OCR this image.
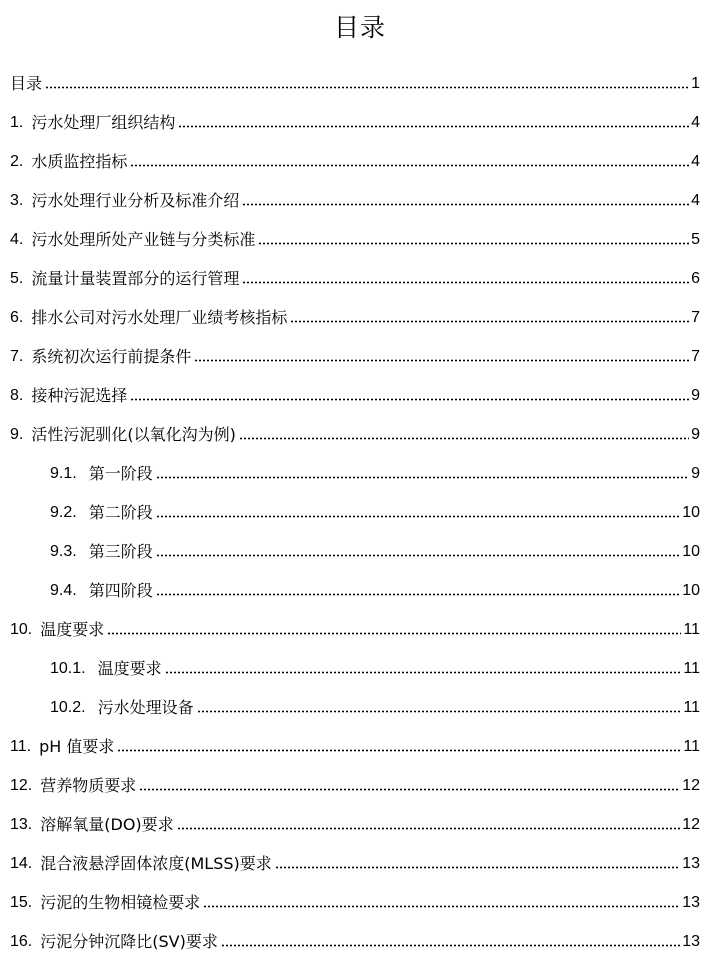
目录
目录	1
1. 污水处理厂组织结构	4
2. 水质监控指标	4
3. 污水处理行业分析及标准介绍	4
4. 污水处理所处产业链与分类标准	5
5. 流量计量装置部分的运行管理	6
6. 排水公司对污水处理厂业绩考核指标	7
7. 系统初次运行前提条件	7
8. 接种污泥选择	9
9. 活性污泥驯化(以氧化沟为例)	9
9.1. 第一阶段	9
9.2. 第二阶段	10
9.3. 第三阶段	10
9.4. 第四阶段	10
10. 温度要求	11
10.1. 温度要求	11
10.2. 污水处理设备	11
11. pH 值要求	11
12. 营养物质要求	12
13. 溶解氧量(DO)要求	12
14. 混合液悬浮固体浓度(MLSS)要求	13
15. 污泥的生物相镜检要求	13
16. 污泥分钟沉降比(SV)要求	13
